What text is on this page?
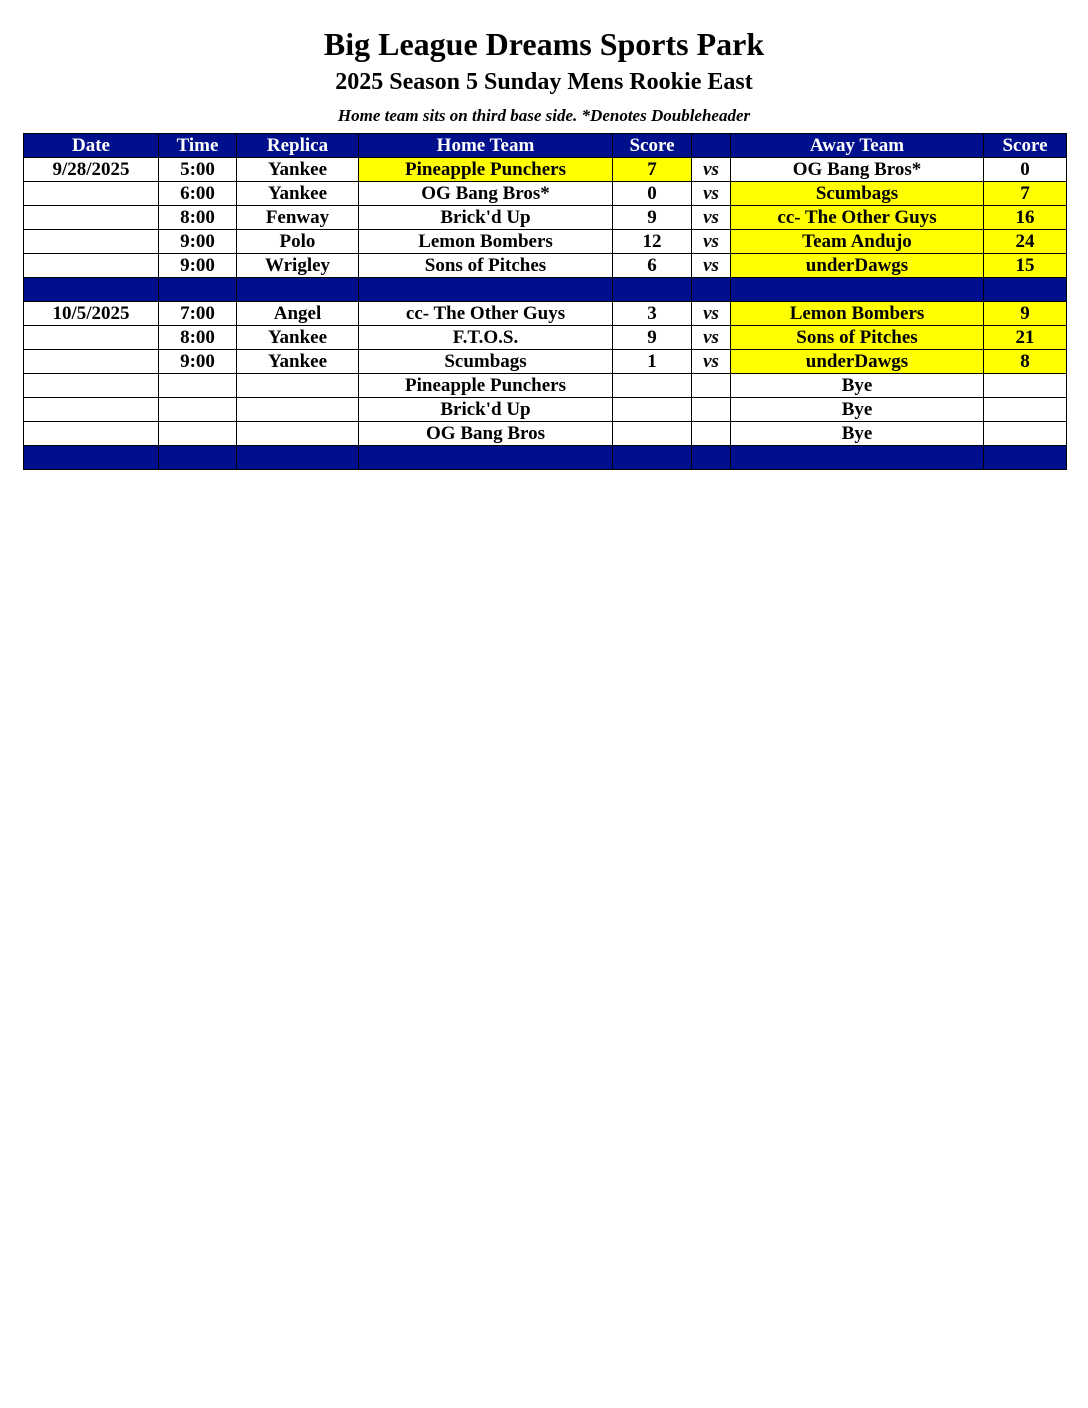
Big League Dreams Sports Park
2025 Season 5 Sunday Mens Rookie East
Home team sits on third base side. *Denotes Doubleheader
Date	Time	Replica	Home Team	Score		Away Team	Score
9/28/2025	5:00	Yankee	Pineapple Punchers	7	vs	OG Bang Bros*	0
	6:00	Yankee	OG Bang Bros*	0	vs	Scumbags	7
	8:00	Fenway	Brick'd Up	9	vs	cc- The Other Guys	16
	9:00	Polo	Lemon Bombers	12	vs	Team Andujo	24
	9:00	Wrigley	Sons of Pitches	6	vs	underDawgs	15

10/5/2025	7:00	Angel	cc- The Other Guys	3	vs	Lemon Bombers	9
	8:00	Yankee	F.T.O.S.	9	vs	Sons of Pitches	21
	9:00	Yankee	Scumbags	1	vs	underDawgs	8
			Pineapple Punchers			Bye	
			Brick'd Up			Bye	
			OG Bang Bros			Bye	
